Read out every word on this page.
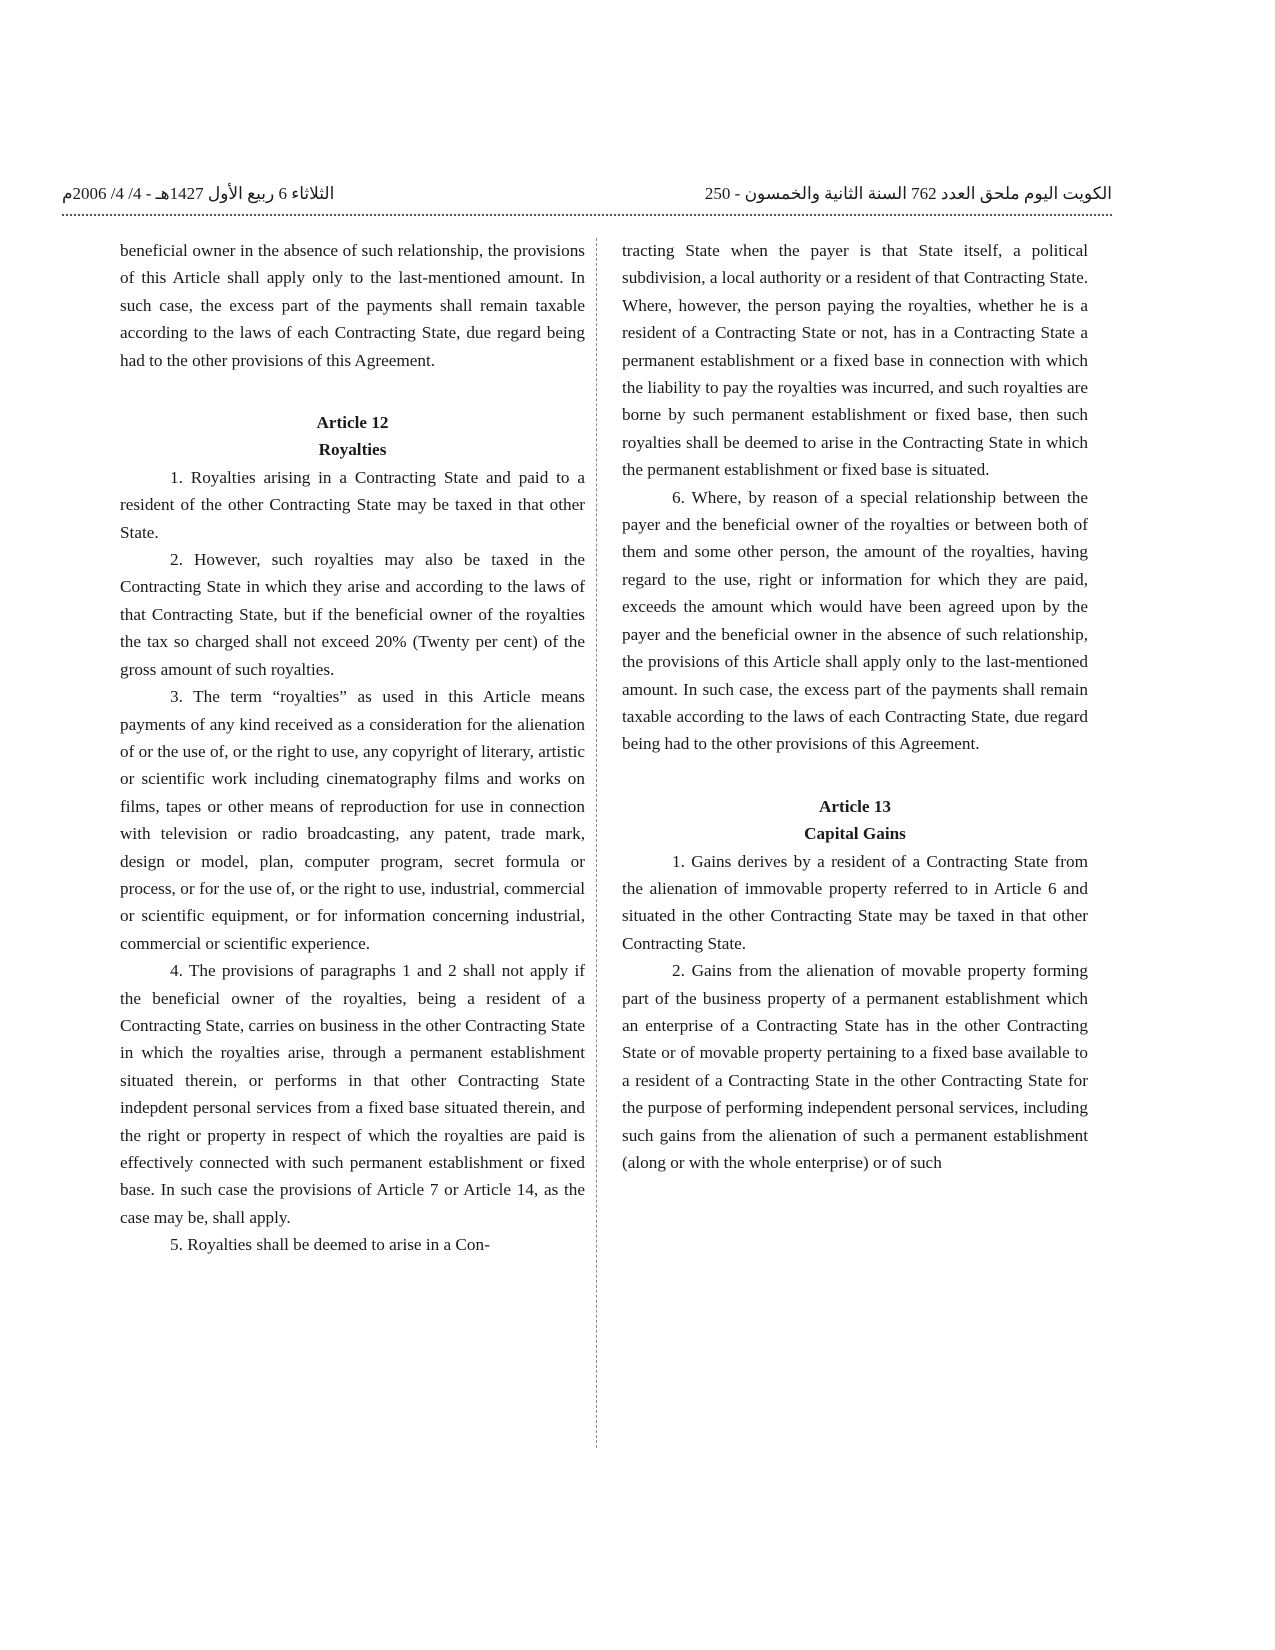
الثلاثاء 6 ربيع الأول 1427هـ - 4/ 4/ 2006م	الكويت اليوم ملحق العدد 762 السنة الثانية والخمسون - 250

beneficial owner in the absence of such relationship, the provisions of this Article shall apply only to the last-mentioned amount. In such case, the excess part of the payments shall remain taxable according to the laws of each Contracting State, due regard being had to the other provisions of this Agreement.

Article 12

Royalties

1. Royalties arising in a Contracting State and paid to a resident of the other Contracting State may be taxed in that other State.

2. However, such royalties may also be taxed in the Contracting State in which they arise and according to the laws of that Contracting State, but if the beneficial owner of the royalties the tax so charged shall not exceed 20% (Twenty per cent) of the gross amount of such royalties.

3. The term “royalties” as used in this Article means payments of any kind received as a consideration for the alienation of or the use of, or the right to use, any copyright of literary, artistic or scientific work including cinematography films and works on films, tapes or other means of reproduction for use in connection with television or radio broadcasting, any patent, trade mark, design or model, plan, computer program, secret formula or process, or for the use of, or the right to use, industrial, commercial or scientific equipment, or for information concerning industrial, commercial or scientific experience.

4. The provisions of paragraphs 1 and 2 shall not apply if the beneficial owner of the royalties, being a resident of a Contracting State, carries on business in the other Contracting State in which the royalties arise, through a permanent establishment situated therein, or performs in that other Contracting State indepdent personal services from a fixed base situated therein, and the right or property in respect of which the royalties are paid is effectively connected with such permanent establishment or fixed base. In such case the provisions of Article 7 or Article 14, as the case may be, shall apply.

5. Royalties shall be deemed to arise in a Con-

tracting State when the payer is that State itself, a political subdivision, a local authority or a resident of that Contracting State. Where, however, the person paying the royalties, whether he is a resident of a Contracting State or not, has in a Contracting State a permanent establishment or a fixed base in connection with which the liability to pay the royalties was incurred, and such royalties are borne by such permanent establishment or fixed base, then such royalties shall be deemed to arise in the Contracting State in which the permanent establishment or fixed base is situated.

6. Where, by reason of a special relationship between the payer and the beneficial owner of the royalties or between both of them and some other person, the amount of the royalties, having regard to the use, right or information for which they are paid, exceeds the amount which would have been agreed upon by the payer and the beneficial owner in the absence of such relationship, the provisions of this Article shall apply only to the last-mentioned amount. In such case, the excess part of the payments shall remain taxable according to the laws of each Contracting State, due regard being had to the other provisions of this Agreement.

Article 13

Capital Gains

1. Gains derives by a resident of a Contracting State from the alienation of immovable property referred to in Article 6 and situated in the other Contracting State may be taxed in that other Contracting State.

2. Gains from the alienation of movable property forming part of the business property of a permanent establishment which an enterprise of a Contracting State has in the other Contracting State or of movable property pertaining to a fixed base available to a resident of a Contracting State in the other Contracting State for the purpose of performing independent personal services, including such gains from the alienation of such a permanent establishment (along or with the whole enterprise) or of such
